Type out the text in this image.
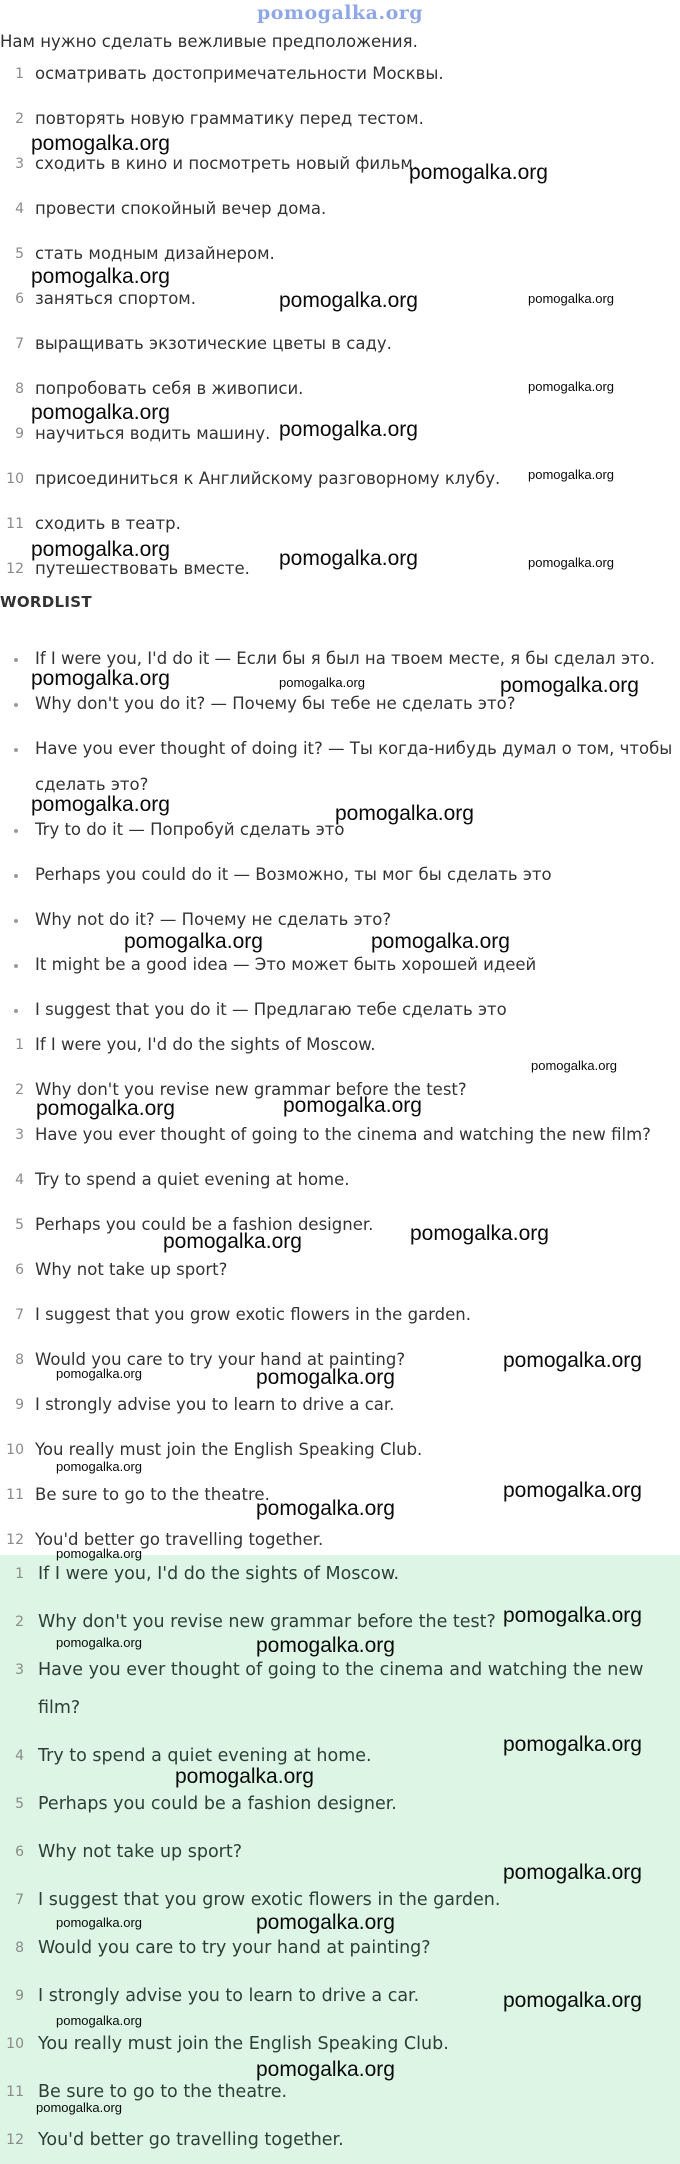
pomogalka.org
Нам нужно сделать вежливые предположения.
1 осматривать достопримечательности Москвы.
2 повторять новую грамматику перед тестом.
3 сходить в кино и посмотреть новый фильм.
4 провести спокойный вечер дома.
5 стать модным дизайнером.
6 заняться спортом.
7 выращивать экзотические цветы в саду.
8 попробовать себя в живописи.
9 научиться водить машину.
10 присоединиться к Английскому разговорному клубу.
11 сходить в театр.
12 путешествовать вместе.
WORDLIST
If I were you, I'd do it — Если бы я был на твоем месте, я бы сделал это.
Why don't you do it? — Почему бы тебе не сделать это?
Have you ever thought of doing it? — Ты когда-нибудь думал о том, чтобы
сделать это?
Try to do it — Попробуй сделать это
Perhaps you could do it — Возможно, ты мог бы сделать это
Why not do it? — Почему не сделать это?
It might be a good idea — Это может быть хорошей идеей
I suggest that you do it — Предлагаю тебе сделать это
1 If I were you, I'd do the sights of Moscow.
2 Why don't you revise new grammar before the test?
3 Have you ever thought of going to the cinema and watching the new film?
4 Try to spend a quiet evening at home.
5 Perhaps you could be a fashion designer.
6 Why not take up sport?
7 I suggest that you grow exotic flowers in the garden.
8 Would you care to try your hand at painting?
9 I strongly advise you to learn to drive a car.
10 You really must join the English Speaking Club.
11 Be sure to go to the theatre.
12 You'd better go travelling together.
1 If I were you, I'd do the sights of Moscow.
2 Why don't you revise new grammar before the test?
3 Have you ever thought of going to the cinema and watching the new
film?
4 Try to spend a quiet evening at home.
5 Perhaps you could be a fashion designer.
6 Why not take up sport?
7 I suggest that you grow exotic flowers in the garden.
8 Would you care to try your hand at painting?
9 I strongly advise you to learn to drive a car.
10 You really must join the English Speaking Club.
11 Be sure to go to the theatre.
12 You'd better go travelling together.
pomogalka.org
pomogalka.org
pomogalka.org
pomogalka.org	pomogalka.org
pomogalka.org
pomogalka.org
pomogalka.org
pomogalka.org
pomogalka.org	pomogalka.org	pomogalka.org
pomogalka.org	pomogalka.org	pomogalka.org
pomogalka.org	pomogalka.org
pomogalka.org	pomogalka.org
pomogalka.org
pomogalka.org	pomogalka.org
pomogalka.org
pomogalka.org
pomogalka.org
pomogalka.org	pomogalka.org
pomogalka.org
pomogalka.org
pomogalka.org
pomogalka.org
pomogalka.org
pomogalka.org	pomogalka.org
pomogalka.org
pomogalka.org
pomogalka.org
pomogalka.org	pomogalka.org
pomogalka.org
pomogalka.org
pomogalka.org
pomogalka.org
